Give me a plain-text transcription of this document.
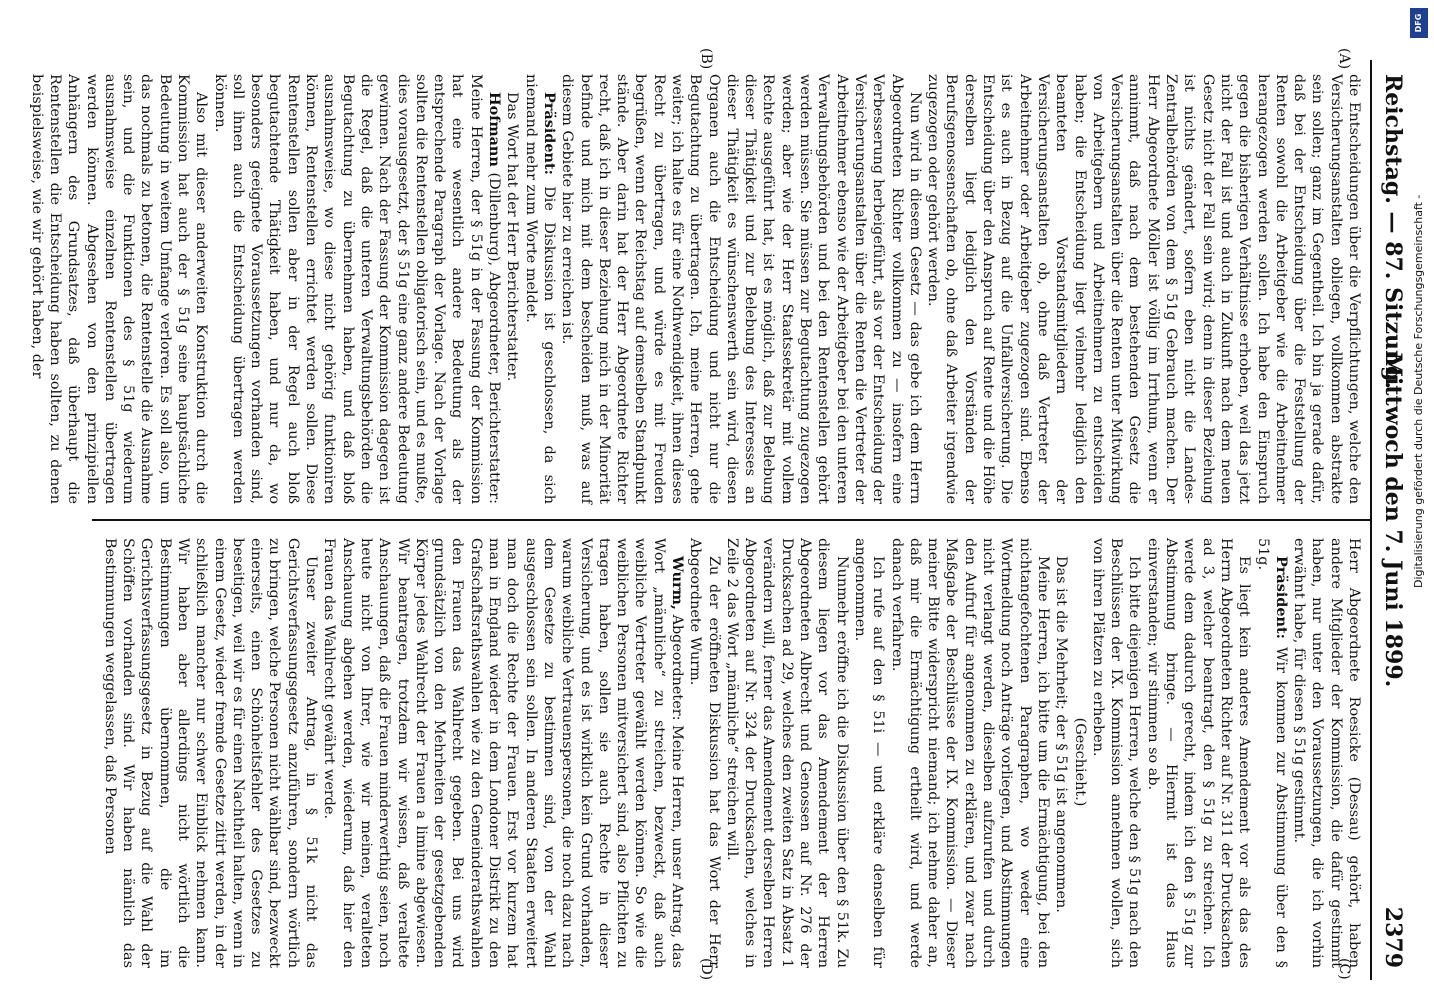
Reichstag. — 87. Sitzung.
Mittwoch den 7. Juni 1899.
2379
(A)
(B)
(C)
(D)

die Entscheidungen über die Verpflichtungen, welche den Versicherungsanstalten obliegen, vollkommen abstrakte sein sollen; ganz im Gegentheil. Ich bin ja gerade dafür, daß bei der Entscheidung über die Feststellung der Renten sowohl die Arbeitgeber wie die Arbeitnehmer herangezogen werden sollen. Ich habe den Einspruch gegen die bisherigen Verhältnisse erhoben, weil das jetzt nicht der Fall ist und auch in Zukunft nach dem neuen Gesetz nicht der Fall sein wird; denn in dieser Beziehung ist nichts geändert, sofern eben nicht die Landes-Zentralbehörden von dem § 51g Gebrauch machen. Der Herr Abgeordnete Möller ist völlig im Irrthum, wenn er annimmt, daß nach dem bestehenden Gesetz die Versicherungsanstalten über die Renten unter Mitwirkung von Arbeitgebern und Arbeitnehmern zu entscheiden haben; die Entscheidung liegt vielmehr lediglich den beamteten Vorstandsmitgliedern der Versicherungsanstalten ob, ohne daß Vertreter der Arbeitnehmer oder Arbeitgeber zugezogen sind. Ebenso ist es auch in Bezug auf die Unfallversicherung. Die Entscheidung über den Anspruch auf Rente und die Höhe derselben liegt lediglich den Vorständen der Berufsgenossenschaften ob, ohne daß Arbeiter irgendwie zugezogen oder gehört werden.

Nun wird in diesem Gesetz — das gebe ich dem Herrn Abgeordneten Richter vollkommen zu — insofern eine Verbesserung herbeigeführt, als vor der Entscheidung der Versicherungsanstalten über die Renten die Vertreter der Arbeitnehmer ebenso wie der Arbeitgeber bei den unteren Verwaltungsbehörden und bei den Rentenstellen gehört werden müssen. Sie müssen zur Begutachtung zugezogen werden; aber wie der Herr Staatssekretär mit vollem Rechte ausgeführt hat, ist es möglich, daß zur Belebung dieser Thätigkeit und zur Belebung des Interesses an dieser Thätigkeit es wünschenswerth sein wird, diesen Organen auch die Entscheidung und nicht nur die Begutachtung zu übertragen. Ich, meine Herren, gehe weiter; ich halte es für eine Nothwendigkeit, ihnen dieses Recht zu übertragen, und würde es mit Freuden begrüßen, wenn der Reichstag auf demselben Standpunkt stände. Aber darin hat der Herr Abgeordnete Richter recht, daß ich in dieser Beziehung mich in der Minorität befinde und mich mit dem bescheiden muß, was auf diesem Gebiete hier zu erreichen ist.

Präsident: Die Diskussion ist geschlossen, da sich niemand mehr zum Worte meldet.

Das Wort hat der Herr Berichterstatter.

Hofmann (Dillenburg), Abgeordneter, Berichterstatter: Meine Herren, der § 51g in der Fassung der Kommission hat eine wesentlich andere Bedeutung als der entsprechende Paragraph der Vorlage. Nach der Vorlage sollten die Rentenstellen obligatorisch sein, und es mußte, dies vorausgesetzt, der § 51g eine ganz andere Bedeutung gewinnen. Nach der Fassung der Kommission dagegen ist die Regel, daß die unteren Verwaltungsbehörden die Begutachtung zu übernehmen haben, und daß bloß ausnahmsweise, wo diese nicht gehörig funktioniren können, Rentenstellen errichtet werden sollen. Diese Rentenstellen sollen aber in der Regel auch bloß begutachtende Thätigkeit haben, und nur da, wo besonders geeignete Voraussetzungen vorhanden sind, soll ihnen auch die Entscheidung übertragen werden können.

Also mit dieser anderweiten Konstruktion durch die Kommission hat auch der § 51g seine hauptsächliche Bedeutung in weitem Umfange verloren. Es soll also, um das nochmals zu betonen, die Rentenstelle die Ausnahme sein, und die Funktionen des § 51g wiederum ausnahmsweise einzelnen Rentenstellen übertragen werden können. Abgesehen von den prinzipiellen Anhängern des Grundsatzes, daß überhaupt die Rentenstellen die Entscheidung haben sollten, zu denen beispielsweise, wie wir gehört haben, der

Herr Abgeordnete Roesicke (Dessau) gehört, haben andere Mitglieder der Kommission, die dafür gestimmt haben, nur unter den Voraussetzungen, die ich vorhin erwähnt habe, für diesen § 51g gestimmt.

Präsident: Wir kommen zur Abstimmung über den § 51g.

Es liegt kein anderes Amendement vor als das des Herrn Abgeordneten Richter auf Nr. 311 der Drucksachen ad 3, welcher beantragt, den § 51g zu streichen. Ich werde dem dadurch gerecht, indem ich den § 51g zur Abstimmung bringe. — Hiermit ist das Haus einverstanden; wir stimmen so ab.

Ich bitte diejenigen Herren, welche den § 51g nach den Beschlüssen der IX. Kommission annehmen wollen, sich von ihren Plätzen zu erheben.

(Geschieht.)

Das ist die Mehrheit; der § 51g ist angenommen.

Meine Herren, ich bitte um die Ermächtigung, bei den nichtangefochtenen Paragraphen, wo weder eine Wortmeldung noch Anträge vorliegen, und Abstimmungen nicht verlangt werden, dieselben aufzurufen und durch den Aufruf für angenommen zu erklären, und zwar nach Maßgabe der Beschlüsse der IX. Kommission. — Dieser meiner Bitte widerspricht niemand; ich nehme daher an, daß mir die Ermächtigung ertheilt wird, und werde danach verfahren.

Ich rufe auf den § 51i — und erkläre denselben für angenommen.

Nunmehr eröffne ich die Diskussion über den § 51k. Zu diesem liegen vor das Amendement der Herren Abgeordneten Albrecht und Genossen auf Nr. 276 der Drucksachen ad 29, welches den zweiten Satz in Absatz 1 verändern will, ferner das Amendement derselben Herren Abgeordneten auf Nr. 324 der Drucksachen, welches in Zeile 2 das Wort „männliche“ streichen will.

Zu der eröffneten Diskussion hat das Wort der Herr Abgeordnete Wurm.

Wurm, Abgeordneter: Meine Herren, unser Antrag, das Wort „männliche“ zu streichen, bezweckt, daß auch weibliche Vertreter gewählt werden können. So wie die weiblichen Personen mitversichert sind, also Pflichten zu tragen haben, sollen sie auch Rechte in dieser Versicherung, und es ist wirklich kein Grund vorhanden, warum weibliche Vertrauenspersonen, die noch dazu nach dem Gesetze zu bestimmen sind, von der Wahl ausgeschlossen sein sollen. In anderen Staaten erweitert man doch die Rechte der Frauen. Erst vor kurzem hat man in England wieder in dem Londoner Distrikt zu den Grafschaftsrathswahlen wie zu den Gemeinderathswahlen den Frauen das Wahlrecht gegeben. Bei uns wird grundsätzlich von den Mehrheiten der gesetzgebenden Körper jedes Wahlrecht der Frauen a limine abgewiesen. Wir beantragen, trotzdem wir wissen, daß veraltete Anschauungen, daß die Frauen minderwerthig seien, noch heute nicht von Ihrer, wie wir meinen, veralteten Anschauung abgehen werden, wiederum, daß hier den Frauen das Wahlrecht gewährt werde.

Unser zweiter Antrag, in § 51k nicht das Gerichtsverfassungsgesetz anzuführen, sondern wörtlich zu bringen, welche Personen nicht wählbar sind, bezweckt einerseits, einen Schönheitsfehler des Gesetzes zu beseitigen, weil wir es für einen Nachtheil halten, wenn in einem Gesetz, wieder fremde Gesetze zitirt werden, in der schließlich mancher nur schwer Einblick nehmen kann. Wir haben aber allerdings nicht wörtlich die Bestimmungen übernommen, die im Gerichtsverfassungsgesetz in Bezug auf die Wahl der Schöffen vorhanden sind. Wir haben nämlich das Bestimmungen weggelassen, daß Personen

DFG
Digitalisierung gefördert durch die Deutsche Forschungsgemeinschaft -
